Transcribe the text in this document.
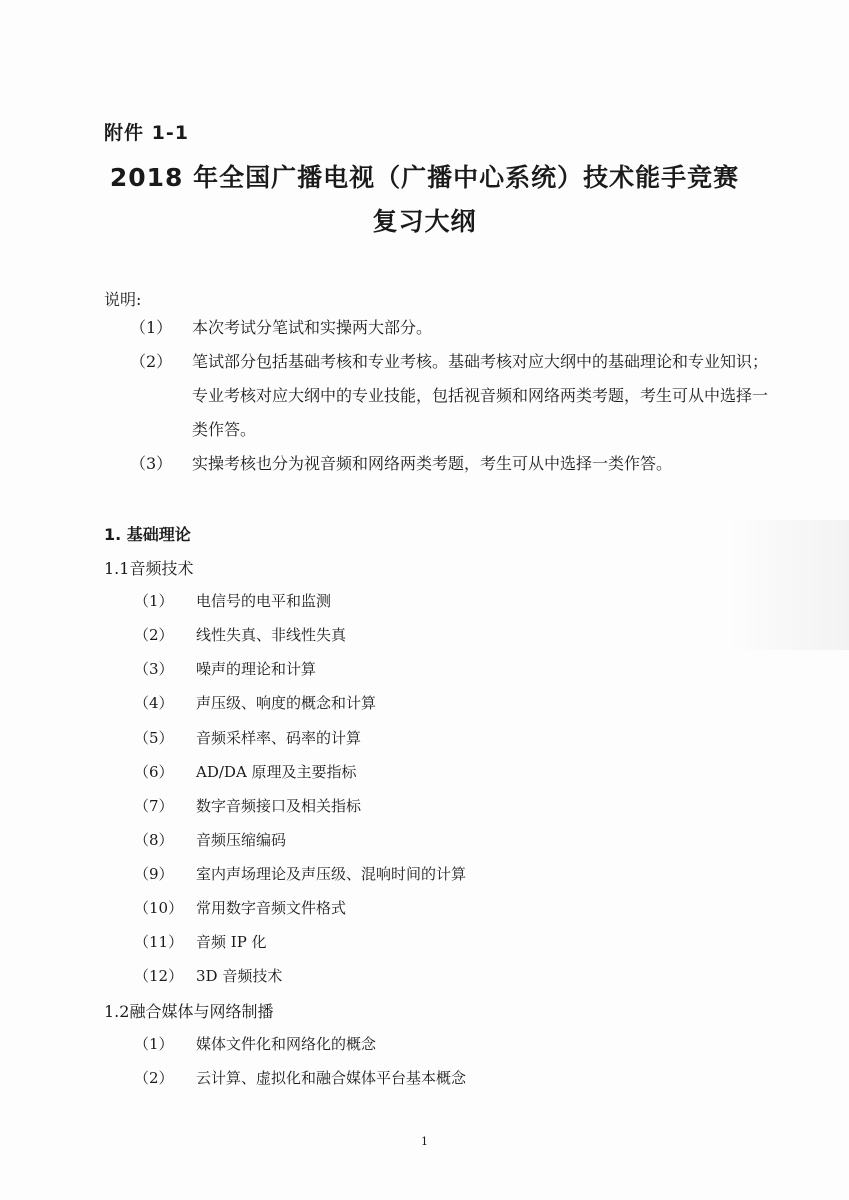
附件 1-1
2018 年全国广播电视（广播中心系统）技术能手竞赛
复习大纲
说明:
（1）	本次考试分笔试和实操两大部分。
（2）	笔试部分包括基础考核和专业考核。基础考核对应大纲中的基础理论和专业知识；专业考核对应大纲中的专业技能，包括视音频和网络两类考题，考生可从中选择一类作答。
（3）	实操考核也分为视音频和网络两类考题，考生可从中选择一类作答。
1. 基础理论
1.1音频技术
（1）	电信号的电平和监测
（2）	线性失真、非线性失真
（3）	噪声的理论和计算
（4）	声压级、响度的概念和计算
（5）	音频采样率、码率的计算
（6）	AD/DA 原理及主要指标
（7）	数字音频接口及相关指标
（8）	音频压缩编码
（9）	室内声场理论及声压级、混响时间的计算
（10） 常用数字音频文件格式
（11） 音频 IP 化
（12） 3D 音频技术
1.2融合媒体与网络制播
（1）	媒体文件化和网络化的概念
（2）	云计算、虚拟化和融合媒体平台基本概念
1
